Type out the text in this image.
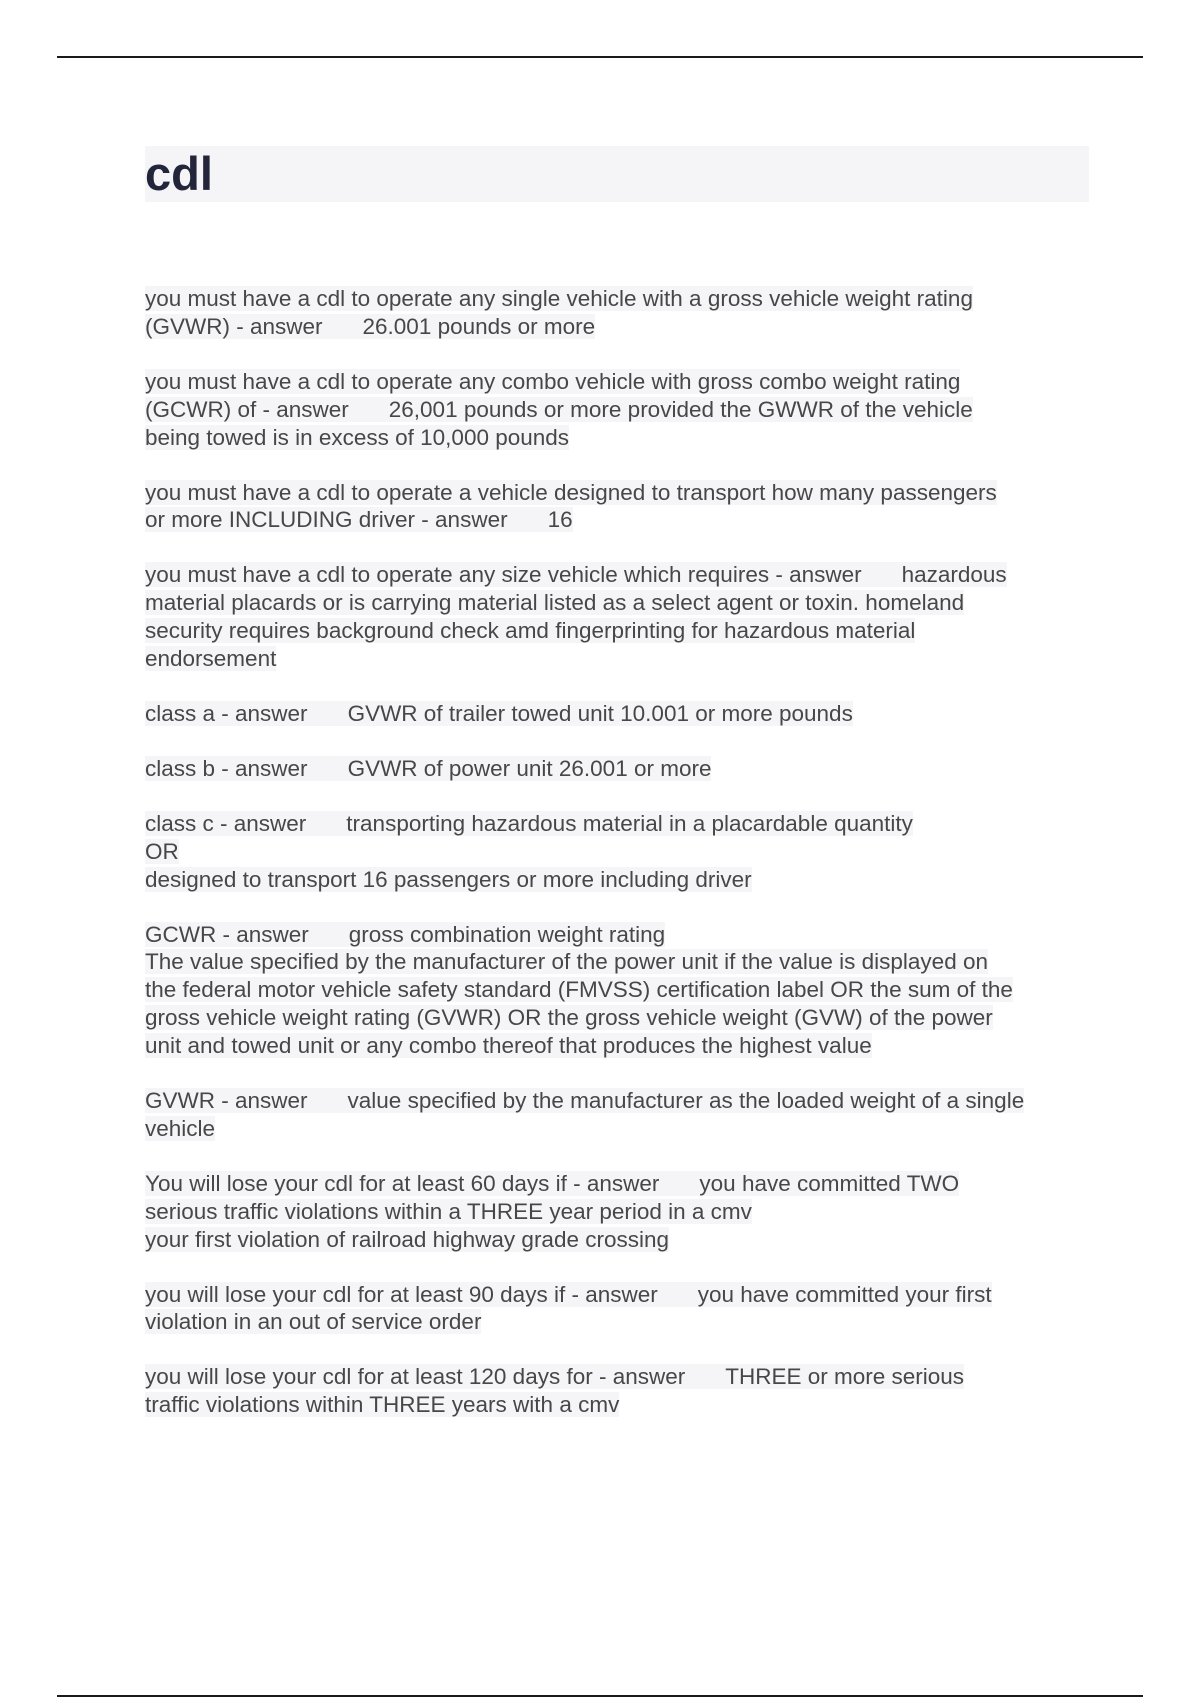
cdl

you must have a cdl to operate any single vehicle with a gross vehicle weight rating
(GVWR) - answer 26.001 pounds or more

you must have a cdl to operate any combo vehicle with gross combo weight rating
(GCWR) of - answer 26,001 pounds or more provided the GWWR of the vehicle
being towed is in excess of 10,000 pounds

you must have a cdl to operate a vehicle designed to transport how many passengers
or more INCLUDING driver - answer 16

you must have a cdl to operate any size vehicle which requires - answer hazardous
material placards or is carrying material listed as a select agent or toxin. homeland
security requires background check amd fingerprinting for hazardous material
endorsement

class a - answer GVWR of trailer towed unit 10.001 or more pounds

class b - answer GVWR of power unit 26.001 or more

class c - answer transporting hazardous material in a placardable quantity
OR
designed to transport 16 passengers or more including driver

GCWR - answer gross combination weight rating
The value specified by the manufacturer of the power unit if the value is displayed on
the federal motor vehicle safety standard (FMVSS) certification label OR the sum of the
gross vehicle weight rating (GVWR) OR the gross vehicle weight (GVW) of the power
unit and towed unit or any combo thereof that produces the highest value

GVWR - answer value specified by the manufacturer as the loaded weight of a single
vehicle

You will lose your cdl for at least 60 days if - answer you have committed TWO
serious traffic violations within a THREE year period in a cmv
your first violation of railroad highway grade crossing

you will lose your cdl for at least 90 days if - answer you have committed your first
violation in an out of service order

you will lose your cdl for at least 120 days for - answer THREE or more serious
traffic violations within THREE years with a cmv
